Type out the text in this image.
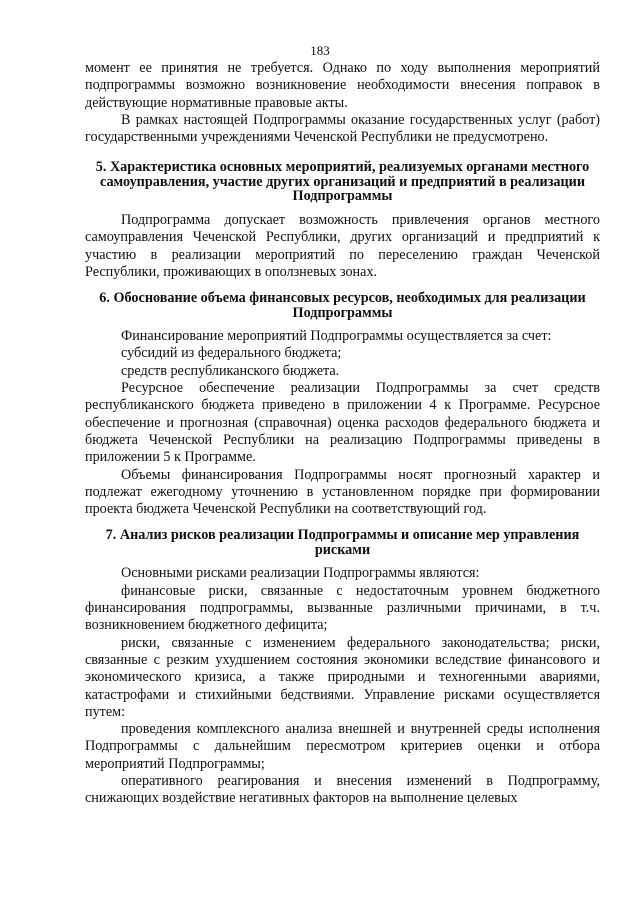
183

момент ее принятия не требуется. Однако по ходу выполнения мероприятий подпрограммы возможно возникновение необходимости внесения поправок в действующие нормативные правовые акты.

В рамках настоящей Подпрограммы оказание государственных услуг (работ) государственными учреждениями Чеченской Республики не предусмотрено.

5. Характеристика основных мероприятий, реализуемых органами местного самоуправления, участие других организаций и предприятий в реализации Подпрограммы

Подпрограмма допускает возможность привлечения органов местного самоуправления Чеченской Республики, других организаций и предприятий к участию в реализации мероприятий по переселению граждан Чеченской Республики, проживающих в оползневых зонах.

6. Обоснование объема финансовых ресурсов, необходимых для реализации Подпрограммы

Финансирование мероприятий Подпрограммы осуществляется за счет:

субсидий из федерального бюджета;

средств республиканского бюджета.

Ресурсное обеспечение реализации Подпрограммы за счет средств республиканского бюджета приведено в приложении 4 к Программе. Ресурсное обеспечение и прогнозная (справочная) оценка расходов федерального бюджета и бюджета Чеченской Республики на реализацию Подпрограммы приведены в приложении 5 к Программе.

Объемы финансирования Подпрограммы носят прогнозный характер и подлежат ежегодному уточнению в установленном порядке при формировании проекта бюджета Чеченской Республики на соответствующий год.

7. Анализ рисков реализации Подпрограммы и описание мер управления рисками

Основными рисками реализации Подпрограммы являются:

финансовые риски, связанные с недостаточным уровнем бюджетного финансирования подпрограммы, вызванные различными причинами, в т.ч. возникновением бюджетного дефицита;

риски, связанные с изменением федерального законодательства; риски, связанные с резким ухудшением состояния экономики вследствие финансового и экономического кризиса, а также природными и техногенными авариями, катастрофами и стихийными бедствиями. Управление рисками осуществляется путем:

проведения комплексного анализа внешней и внутренней среды исполнения Подпрограммы с дальнейшим пересмотром критериев оценки и отбора мероприятий Подпрограммы;

оперативного реагирования и внесения изменений в Подпрограмму, снижающих воздействие негативных факторов на выполнение целевых
